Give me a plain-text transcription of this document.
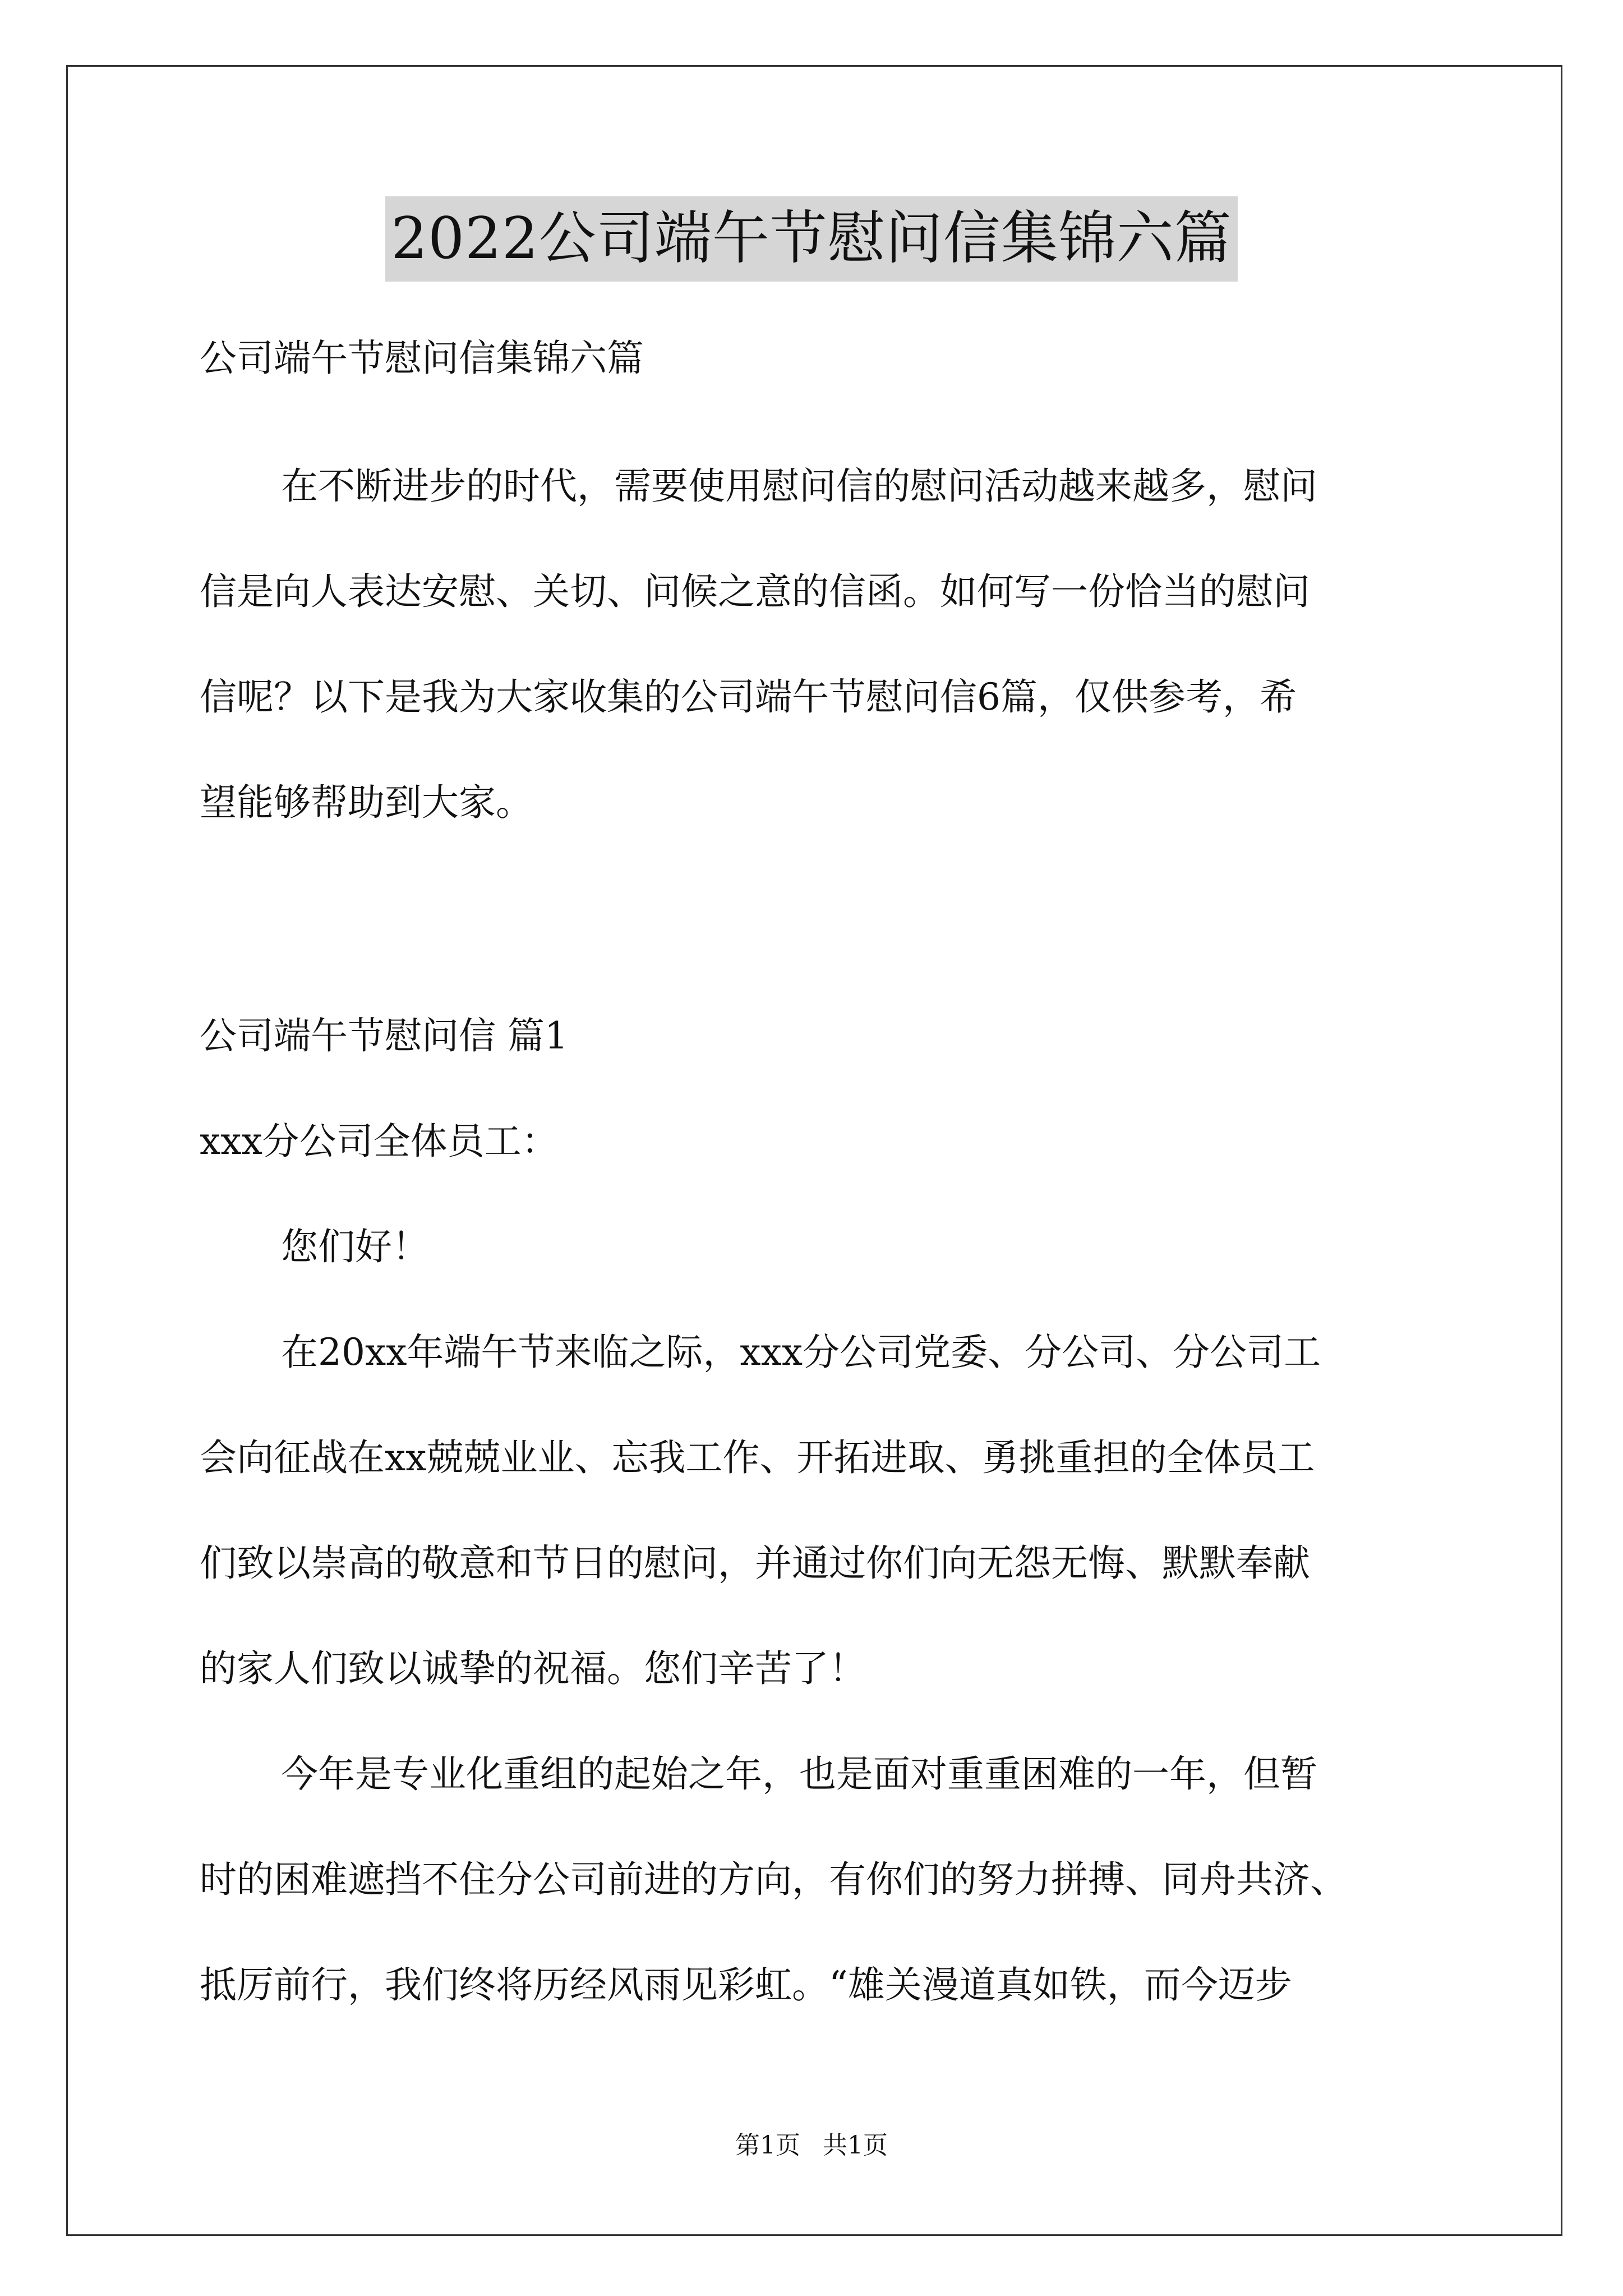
2022公司端午节慰问信集锦六篇
公司端午节慰问信集锦六篇
在不断进步的时代，需要使用慰问信的慰问活动越来越多，慰问
信是向人表达安慰、关切、问候之意的信函。如何写一份恰当的慰问
信呢？以下是我为大家收集的公司端午节慰问信6篇，仅供参考，希
望能够帮助到大家。
公司端午节慰问信 篇1
xxx分公司全体员工：
您们好！
在20xx年端午节来临之际，xxx分公司党委、分公司、分公司工
会向征战在xx兢兢业业、忘我工作、开拓进取、勇挑重担的全体员工
们致以崇高的敬意和节日的慰问，并通过你们向无怨无悔、默默奉献
的家人们致以诚挚的祝福。您们辛苦了！
今年是专业化重组的起始之年，也是面对重重困难的一年，但暂
时的困难遮挡不住分公司前进的方向，有你们的努力拼搏、同舟共济、
抵厉前行，我们终将历经风雨见彩虹。“雄关漫道真如铁，而今迈步
第1页 共1页
